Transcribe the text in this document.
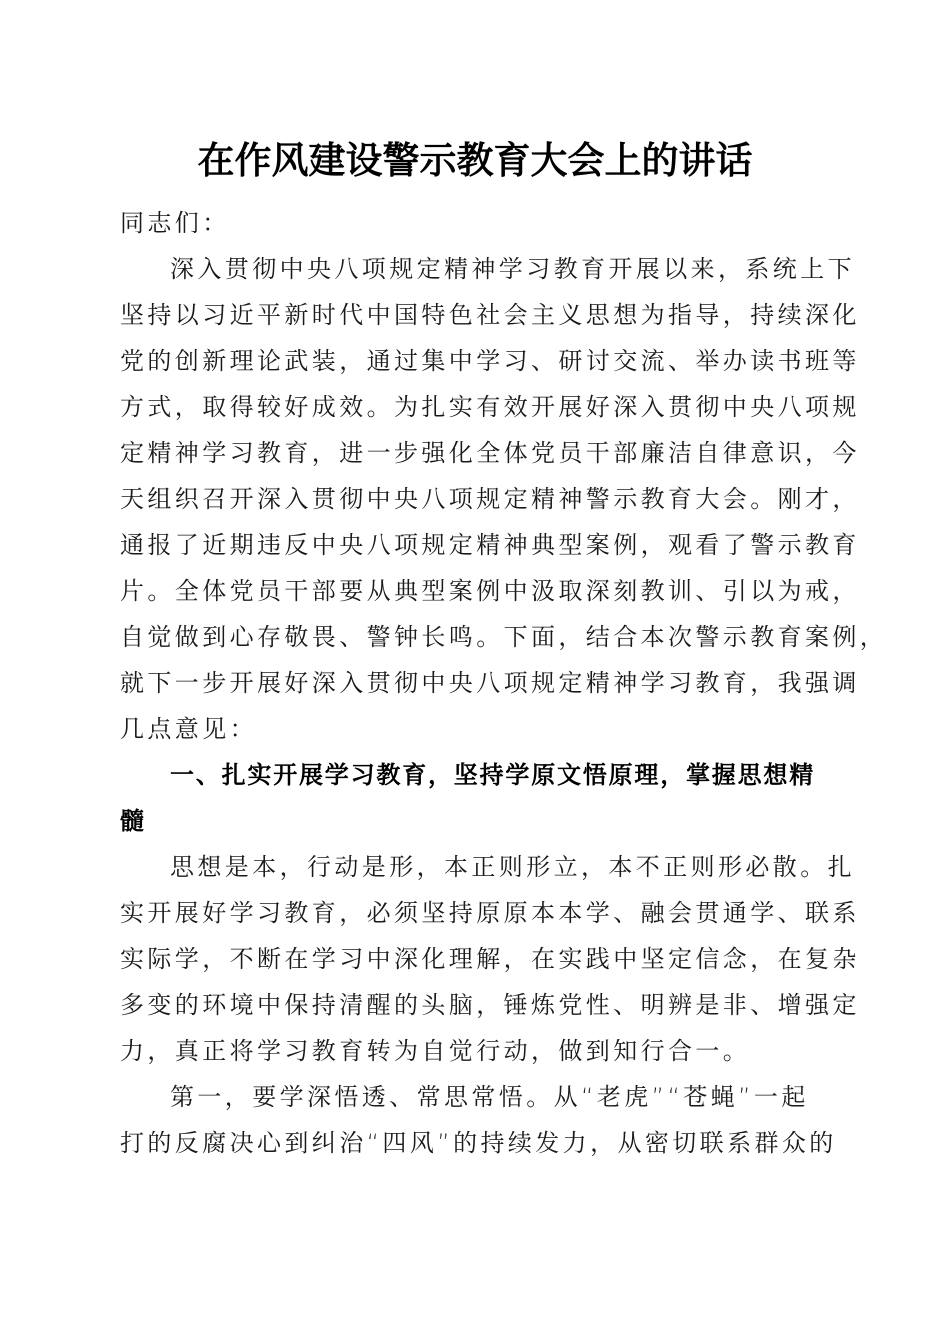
在作风建设警示教育大会上的讲话
同志们：
深入贯彻中央八项规定精神学习教育开展以来，系统上下
坚持以习近平新时代中国特色社会主义思想为指导，持续深化
党的创新理论武装，通过集中学习、研讨交流、举办读书班等
方式，取得较好成效。为扎实有效开展好深入贯彻中央八项规
定精神学习教育，进一步强化全体党员干部廉洁自律意识，今
天组织召开深入贯彻中央八项规定精神警示教育大会。刚才，
通报了近期违反中央八项规定精神典型案例，观看了警示教育
片。全体党员干部要从典型案例中汲取深刻教训、引以为戒，
自觉做到心存敬畏、警钟长鸣。下面，结合本次警示教育案例，
就下一步开展好深入贯彻中央八项规定精神学习教育，我强调
几点意见：
一、扎实开展学习教育，坚持学原文悟原理，掌握思想精
髓
思想是本，行动是形，本正则形立，本不正则形必散。扎
实开展好学习教育，必须坚持原原本本学、融会贯通学、联系
实际学，不断在学习中深化理解，在实践中坚定信念，在复杂
多变的环境中保持清醒的头脑，锤炼党性、明辨是非、增强定
力，真正将学习教育转为自觉行动，做到知行合一。
第一，要学深悟透、常思常悟。从“老虎”“苍蝇”一起
打的反腐决心到纠治“四风”的持续发力，从密切联系群众的
